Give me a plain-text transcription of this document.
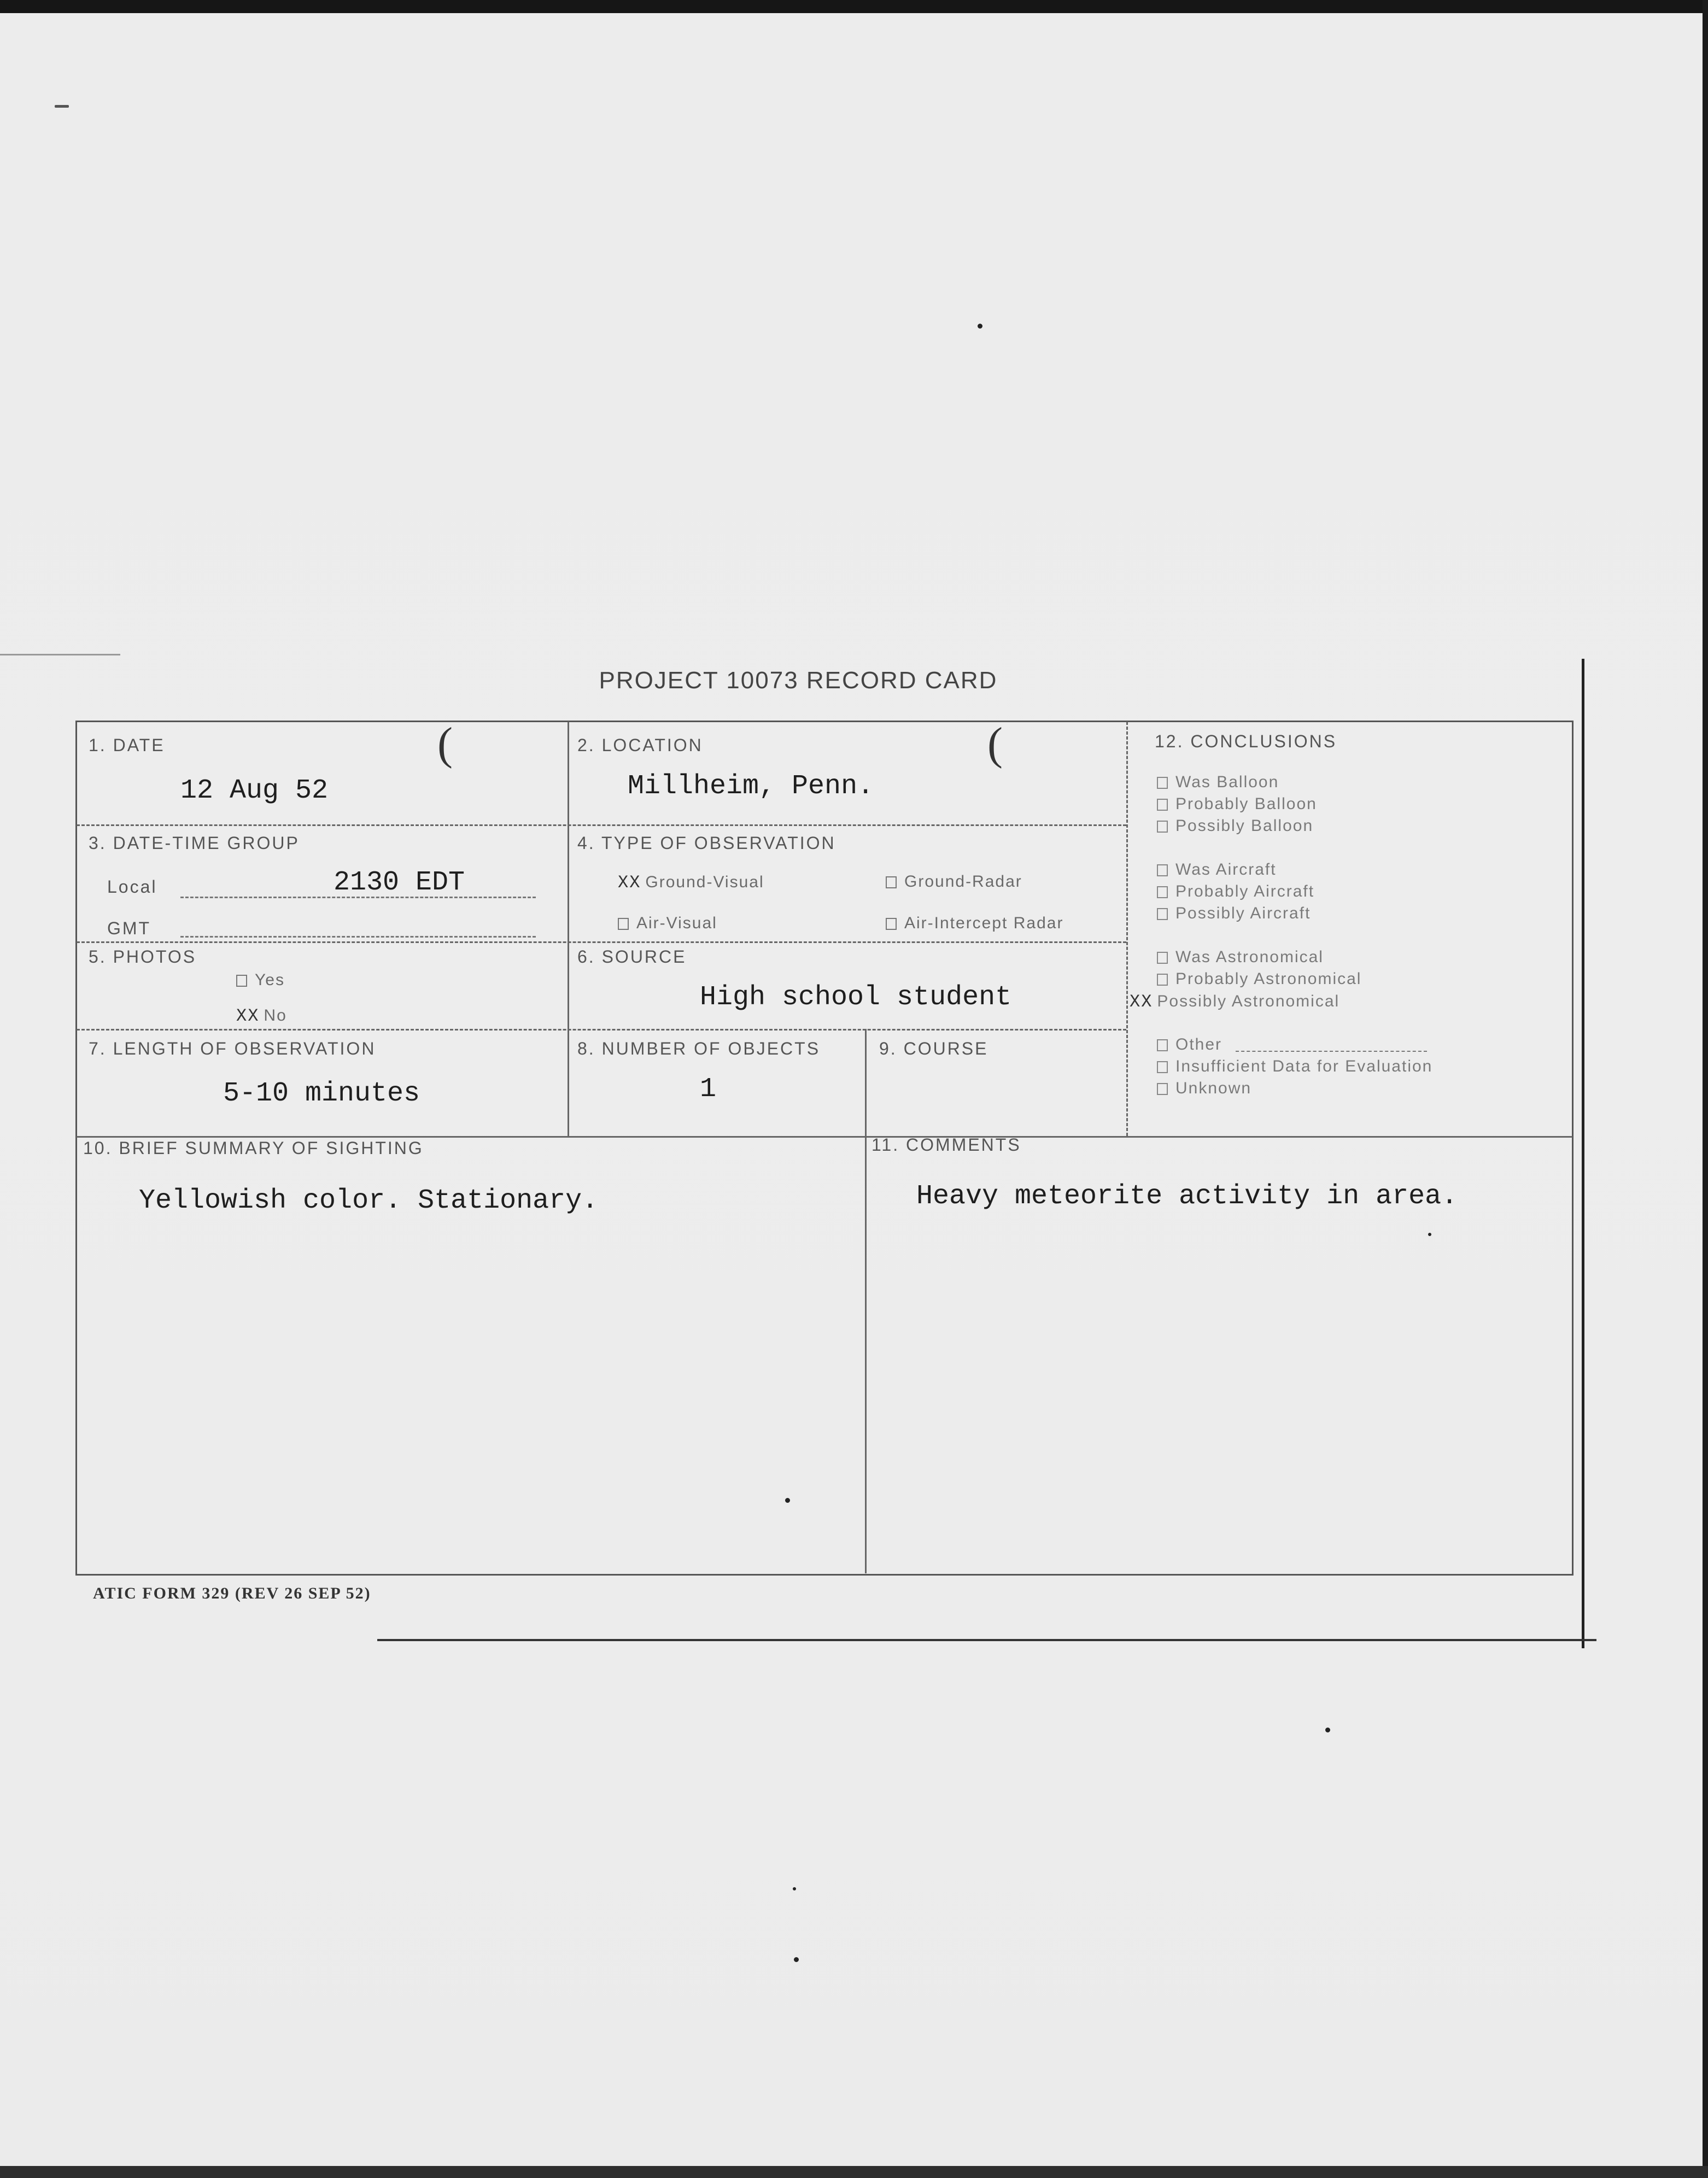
PROJECT 10073 RECORD CARD
1. DATE
12 Aug 52
(	2. LOCATION
Millheim, Penn.
(
3. DATE-TIME GROUP
Local	2130 EDT
GMT
4. TYPE OF OBSERVATION
XX Ground-Visual	Ground-Radar
Air-Visual	Air-Intercept Radar
5. PHOTOS
Yes
XX No
6. SOURCE
High school student
7. LENGTH OF OBSERVATION
5-10 minutes
8. NUMBER OF OBJECTS
1
9. COURSE
10. BRIEF SUMMARY OF SIGHTING
Yellowish color. Stationary.
11. COMMENTS
Heavy meteorite activity in area.
12. CONCLUSIONS
Was Balloon
Probably Balloon
Possibly Balloon
Was Aircraft
Probably Aircraft
Possibly Aircraft
Was Astronomical
Probably Astronomical
XX Possibly Astronomical
Other
Insufficient Data for Evaluation
Unknown
ATIC FORM 329 (REV 26 SEP 52)
